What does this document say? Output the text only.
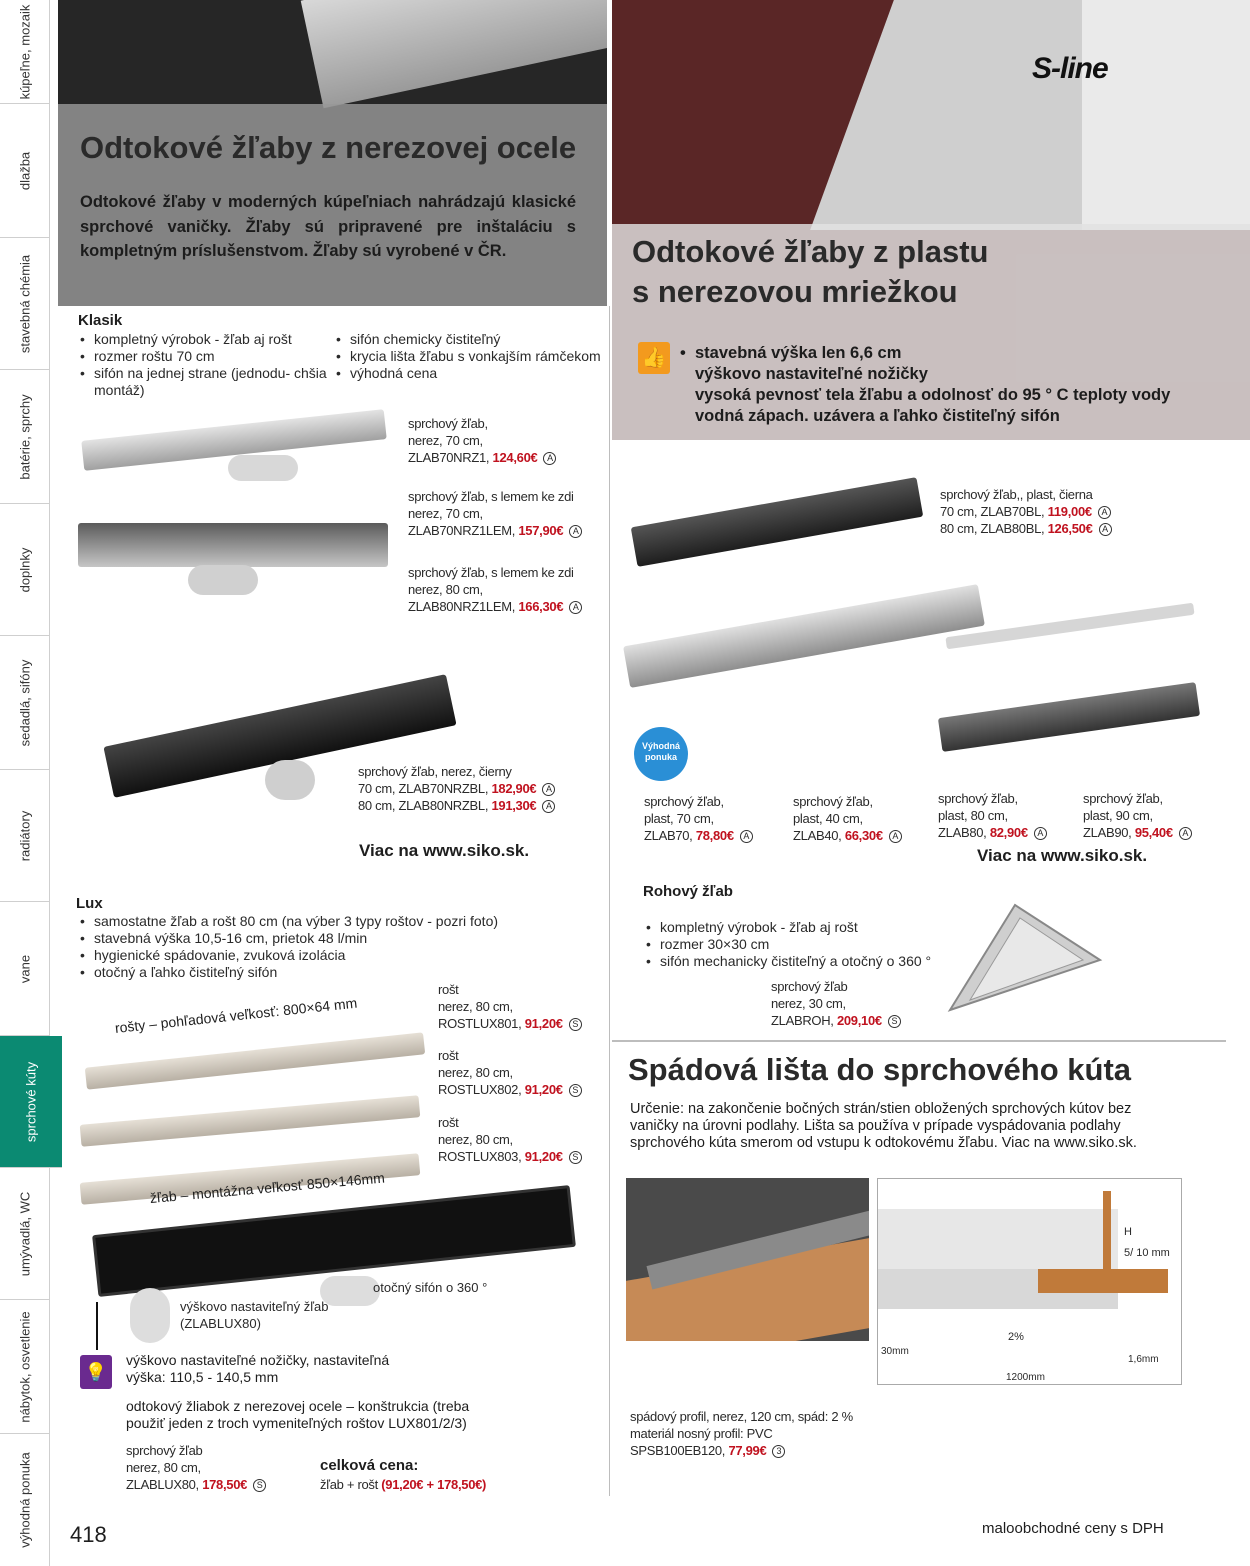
kúpeľne, mozaik
dlažba
stavebná chémia
batérie, sprchy
doplnky
sedadlá, sifóny
radiátory
vane
sprchové kúty
umývadlá, WC
nábytok, osvetlenie
výhodná ponuka
Odtokové žľaby z nerezovej ocele

Odtokové žľaby v moderných kúpeľniach nahrádzajú klasické sprchové vaničky. Žľaby sú pripravené pre inštaláciu s kompletným príslušenstvom. Žľaby sú vyrobené v ČR.

S-line
Odtokové žľaby z plastu
s nerezovou mriežkou
👍 • stavebná výška len 6,6 cm
výškovo nastaviteľné nožičky
vysoká pevnosť tela žľabu a odolnosť do 95 ° C teploty vody
vodná zápach. uzávera a ľahko čistiteľný sifón
Klasik
• kompletný výrobok - žľab aj rošt
• rozmer roštu 70 cm
• sifón na jednej strane (jednodu- chšia montáž)
• sifón chemicky čistiteľný
• krycia lišta žľabu s vonkajším rámčekom
• výhodná cena
sprchový žľab,
nerez, 70 cm,
ZLAB70NRZ1, 124,60€ A
sprchový žľab, s lemem ke zdi
nerez, 70 cm,
ZLAB70NRZ1LEM, 157,90€ A
sprchový žľab, s lemem ke zdi
nerez, 80 cm,
ZLAB80NRZ1LEM, 166,30€ A
sprchový žľab, nerez, čierny
70 cm, ZLAB70NRZBL, 182,90€ A
80 cm, ZLAB80NRZBL, 191,30€ A
Viac na www.siko.sk.
Lux
• samostatne žľab a rošt 80 cm (na výber 3 typy roštov - pozri foto)
• stavebná výška 10,5-16 cm, prietok 48 l/min
• hygienické spádovanie, zvuková izolácia
• otočný a ľahko čistiteľný sifón
rošty – pohľadová veľkosť: 800×64 mm
rošt
nerez, 80 cm,
ROSTLUX801, 91,20€ S
rošt
nerez, 80 cm,
ROSTLUX802, 91,20€ S
rošt
nerez, 80 cm,
ROSTLUX803, 91,20€ S
žľab – montážna veľkosť 850×146mm
otočný sifón o 360 °
výškovo nastaviteľný žľab (ZLABLUX80)
💡
výškovo nastaviteľné nožičky, nastaviteľná výška: 110,5 - 140,5 mm
odtokový žliabok z nerezovej ocele – konštrukcia (treba použiť jeden z troch vymeniteľných roštov LUX801/2/3)
sprchový žľab
nerez, 80 cm,
ZLABLUX80, 178,50€ S
celková cena:
žľab + rošt (91,20€ + 178,50€)
sprchový žľab,, plast, čierna
70 cm, ZLAB70BL, 119,00€ A
80 cm, ZLAB80BL, 126,50€ A
Výhodná ponuka
sprchový žľab,
plast, 70 cm,
ZLAB70, 78,80€ A
sprchový žľab,
plast, 40 cm,
ZLAB40, 66,30€ A
sprchový žľab,
plast, 80 cm,
ZLAB80, 82,90€ A
sprchový žľab,
plast, 90 cm,
ZLAB90, 95,40€ A
Viac na www.siko.sk.
Rohový žľab
• kompletný výrobok - žľab aj rošt
• rozmer 30×30 cm
• sifón mechanicky čistiteľný a otočný o 360 °
sprchový žľab
nerez, 30 cm,
ZLABROH, 209,10€ S
Spádová lišta do sprchového kúta

Určenie: na zakončenie bočných strán/stien obložených sprchových kútov bez vaničky na úrovni podlahy. Lišta sa používa v prípade vyspádovania podlahy sprchového kúta smerom od vstupu k odtokovému žľabu. Viac na www.siko.sk.

H
5/ 10 mm
2%
30mm
1,6mm
1200mm
spádový profil, nerez, 120 cm, spád: 2 %
materiál nosný profil: PVC
SPSB100EB120, 77,99€ 3
418	maloobchodné ceny s DPH
